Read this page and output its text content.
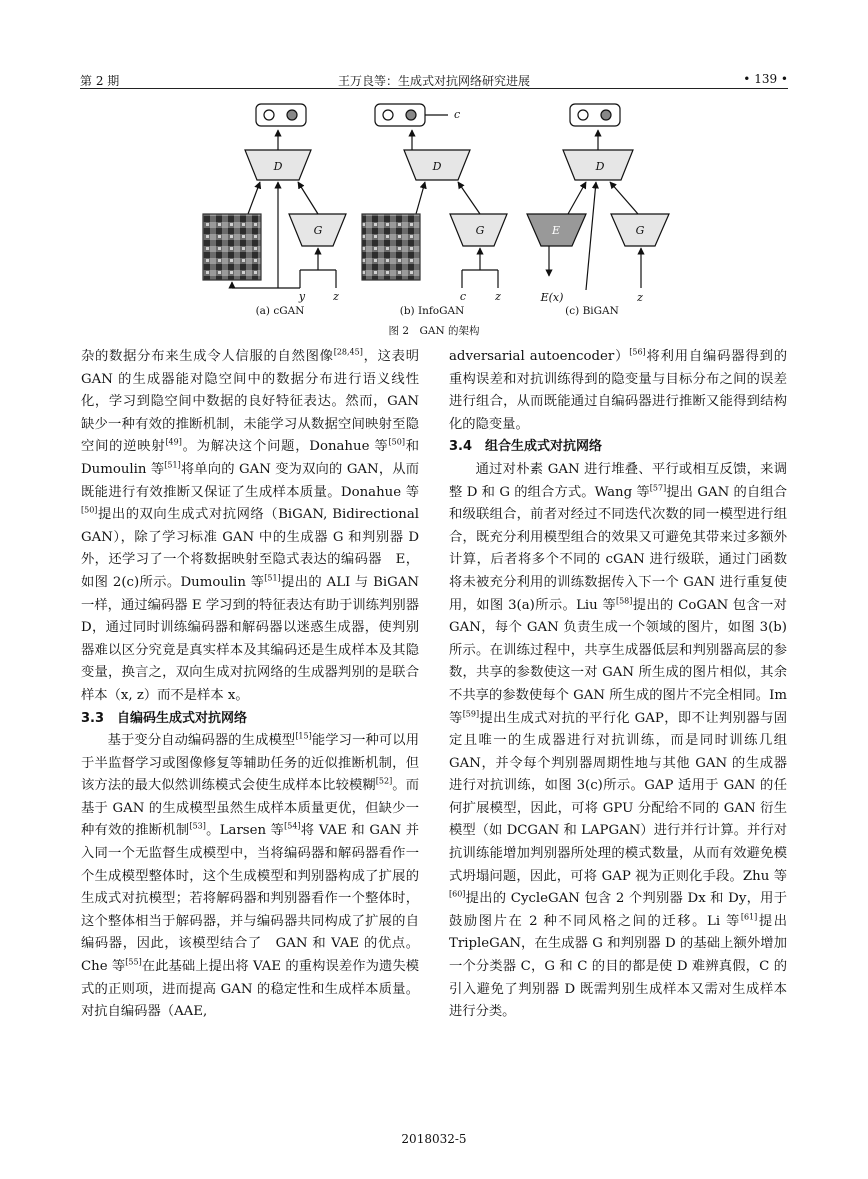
第 2 期	王万良等：生成式对抗网络研究进展	• 139 •
D
G
y	z
c
D
G
c	z
D
E	G
E(x)	z
(a) cGAN	(b) InfoGAN	(c) BiGAN
图 2　GAN 的架构

杂的数据分布来生成令人信服的自然图像[28,45]，这表明 GAN 的生成器能对隐空间中的数据分布进行语义线性化，学习到隐空间中数据的良好特征表达。然而，GAN 缺少一种有效的推断机制，未能学习从数据空间映射至隐空间的逆映射[49]。为解决这个问题，Donahue 等[50]和 Dumoulin 等[51]将单向的 GAN 变为双向的 GAN，从而既能进行有效推断又保证了生成样本质量。Donahue 等[50]提出的双向生成式对抗网络（BiGAN, Bidirectional GAN），除了学习标准 GAN 中的生成器 G 和判别器 D 外，还学习了一个将数据映射至隐式表达的编码器　E，如图 2(c)所示。Dumoulin 等[51]提出的 ALI 与 BiGAN 一样，通过编码器 E 学习到的特征表达有助于训练判别器 D，通过同时训练编码器和解码器以迷惑生成器，使判别器难以区分究竟是真实样本及其编码还是生成样本及其隐变量，换言之，双向生成对抗网络的生成器判别的是联合样本（x, z）而不是样本 x。

3.3　自编码生成式对抗网络

基于变分自动编码器的生成模型[15]能学习一种可以用于半监督学习或图像修复等辅助任务的近似推断机制，但该方法的最大似然训练模式会使生成样本比较模糊[52]。而基于 GAN 的生成模型虽然生成样本质量更优，但缺少一种有效的推断机制[53]。Larsen 等[54]将 VAE 和 GAN 并入同一个无监督生成模型中，当将编码器和解码器看作一个生成模型整体时，这个生成模型和判别器构成了扩展的生成式对抗模型；若将解码器和判别器看作一个整体时，这个整体相当于解码器，并与编码器共同构成了扩展的自编码器，因此，该模型结合了　GAN 和 VAE 的优点。Che 等[55]在此基础上提出将 VAE 的重构误差作为遗失模式的正则项，进而提高 GAN 的稳定性和生成样本质量。对抗自编码器（AAE,

adversarial autoencoder）[56]将利用自编码器得到的重构误差和对抗训练得到的隐变量与目标分布之间的误差进行组合，从而既能通过自编码器进行推断又能得到结构化的隐变量。

3.4　组合生成式对抗网络

通过对朴素 GAN 进行堆叠、平行或相互反馈，来调整 D 和 G 的组合方式。Wang 等[57]提出 GAN 的自组合和级联组合，前者对经过不同迭代次数的同一模型进行组合，既充分利用模型组合的效果又可避免其带来过多额外计算，后者将多个不同的 cGAN 进行级联，通过门函数将未被充分利用的训练数据传入下一个 GAN 进行重复使用，如图 3(a)所示。Liu 等[58]提出的 CoGAN 包含一对 GAN，每个 GAN 负责生成一个领域的图片，如图 3(b)所示。在训练过程中，共享生成器低层和判别器高层的参数，共享的参数使这一对 GAN 所生成的图片相似，其余不共享的参数使每个 GAN 所生成的图片不完全相同。Im 等[59]提出生成式对抗的平行化 GAP，即不让判别器与固定且唯一的生成器进行对抗训练，而是同时训练几组 GAN，并令每个判别器周期性地与其他 GAN 的生成器进行对抗训练，如图 3(c)所示。GAP 适用于 GAN 的任何扩展模型，因此，可将 GPU 分配给不同的 GAN 衍生模型（如 DCGAN 和 LAPGAN）进行并行计算。并行对抗训练能增加判别器所处理的模式数量，从而有效避免模式坍塌问题，因此，可将 GAP 视为正则化手段。Zhu 等[60]提出的 CycleGAN 包含 2 个判别器 Dx 和 Dy，用于鼓励图片在 2 种不同风格之间的迁移。Li 等[61]提出 TripleGAN，在生成器 G 和判别器 D 的基础上额外增加一个分类器 C，G 和 C 的目的都是使 D 难辨真假，C 的引入避免了判别器 D 既需判别生成样本又需对生成样本进行分类。

2018032-5
